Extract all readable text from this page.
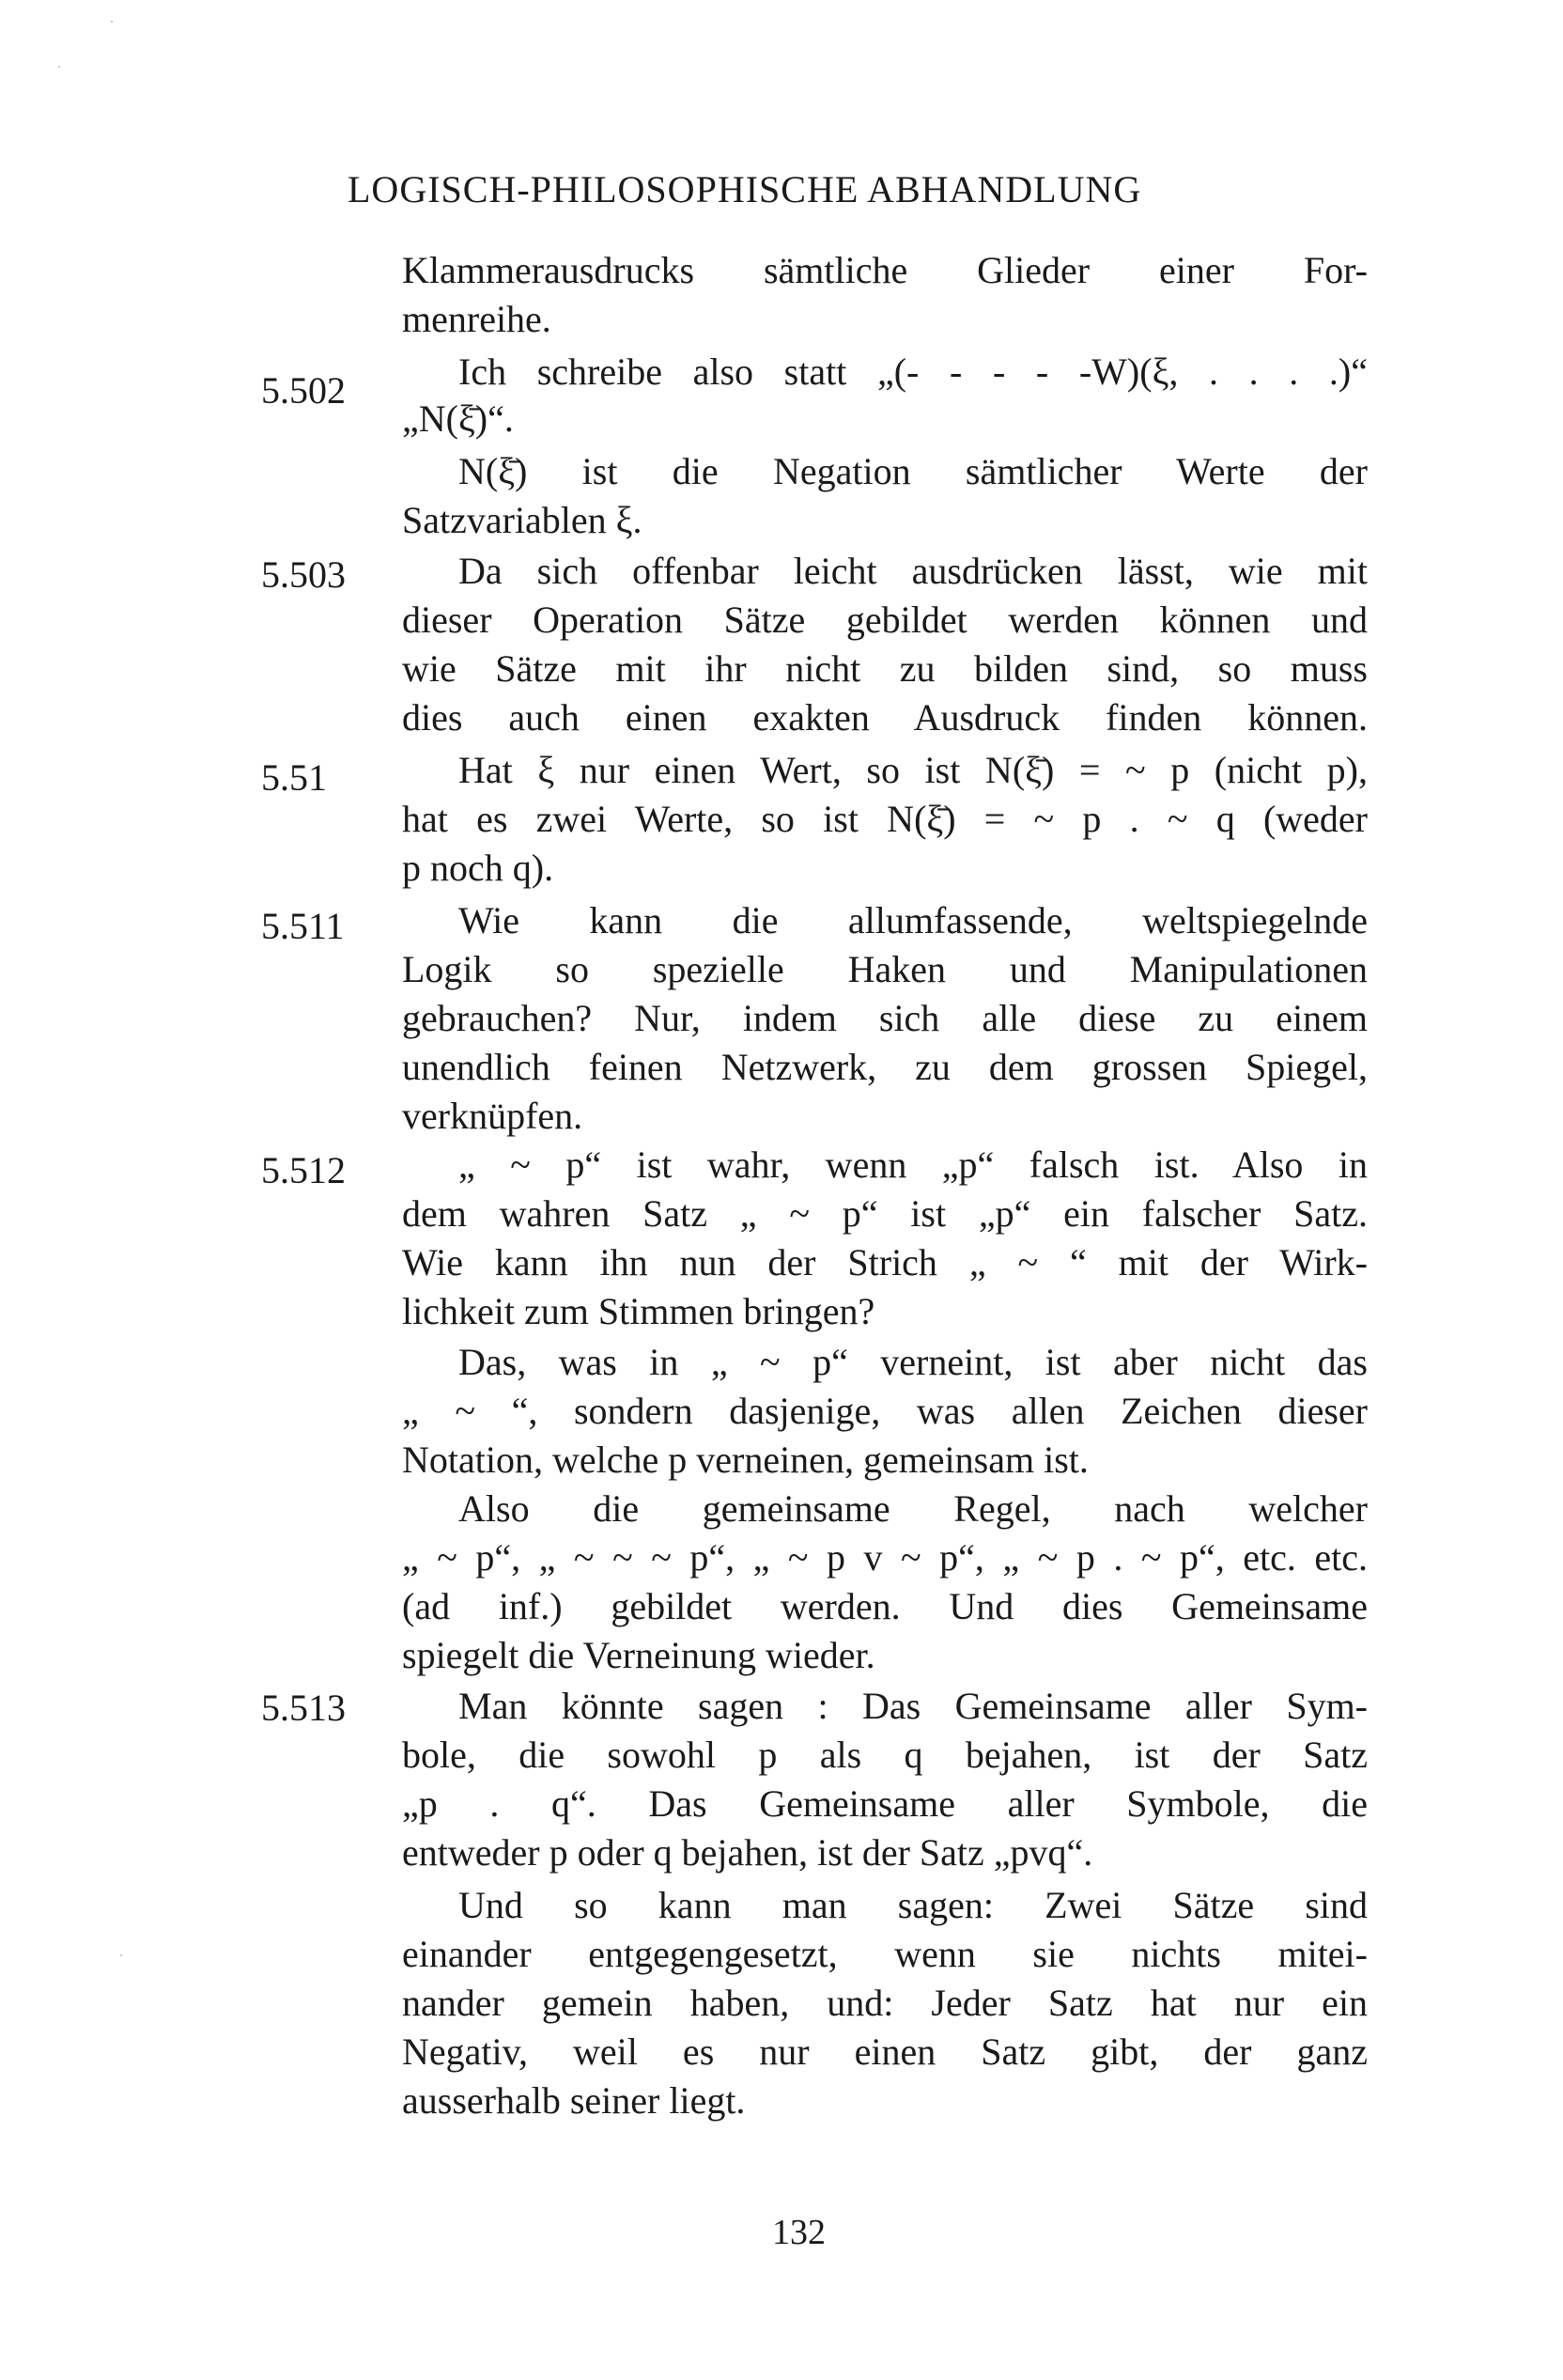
LOGISCH-PHILOSOPHISCHE ABHANDLUNG
5.502
5.503
5.51
5.511
5.512
5.513
Klammerausdrucks sämtliche Glieder einer For-
menreihe.
Ich schreibe also statt „(- - - - -W)(ξ, . . . .)“
„N(ξ̄)“.
N(ξ̄) ist die Negation sämtlicher Werte der
Satzvariablen ξ.
Da sich offenbar leicht ausdrücken lässt, wie mit
dieser Operation Sätze gebildet werden können und
wie Sätze mit ihr nicht zu bilden sind, so muss
dies auch einen exakten Ausdruck finden können.
Hat ξ nur einen Wert, so ist N(ξ̄) = ~ p (nicht p),
hat es zwei Werte, so ist N(ξ̄) = ~ p . ~ q (weder
p noch q).
Wie kann die allumfassende, weltspiegelnde
Logik so spezielle Haken und Manipulationen
gebrauchen? Nur, indem sich alle diese zu einem
unendlich feinen Netzwerk, zu dem grossen Spiegel,
verknüpfen.
„ ~ p“ ist wahr, wenn „p“ falsch ist. Also in
dem wahren Satz „ ~ p“ ist „p“ ein falscher Satz.
Wie kann ihn nun der Strich „ ~ “ mit der Wirk-
lichkeit zum Stimmen bringen?
Das, was in „ ~ p“ verneint, ist aber nicht das
„ ~ “, sondern dasjenige, was allen Zeichen dieser
Notation, welche p verneinen, gemeinsam ist.
Also die gemeinsame Regel, nach welcher
„ ~ p“, „ ~ ~ ~ p“, „ ~ p v ~ p“, „ ~ p . ~ p“, etc. etc.
(ad inf.) gebildet werden. Und dies Gemeinsame
spiegelt die Verneinung wieder.
Man könnte sagen : Das Gemeinsame aller Sym-
bole, die sowohl p als q bejahen, ist der Satz
„p . q“. Das Gemeinsame aller Symbole, die
entweder p oder q bejahen, ist der Satz „pvq“.
Und so kann man sagen: Zwei Sätze sind
einander entgegengesetzt, wenn sie nichts mitei-
nander gemein haben, und: Jeder Satz hat nur ein
Negativ, weil es nur einen Satz gibt, der ganz
ausserhalb seiner liegt.
132
